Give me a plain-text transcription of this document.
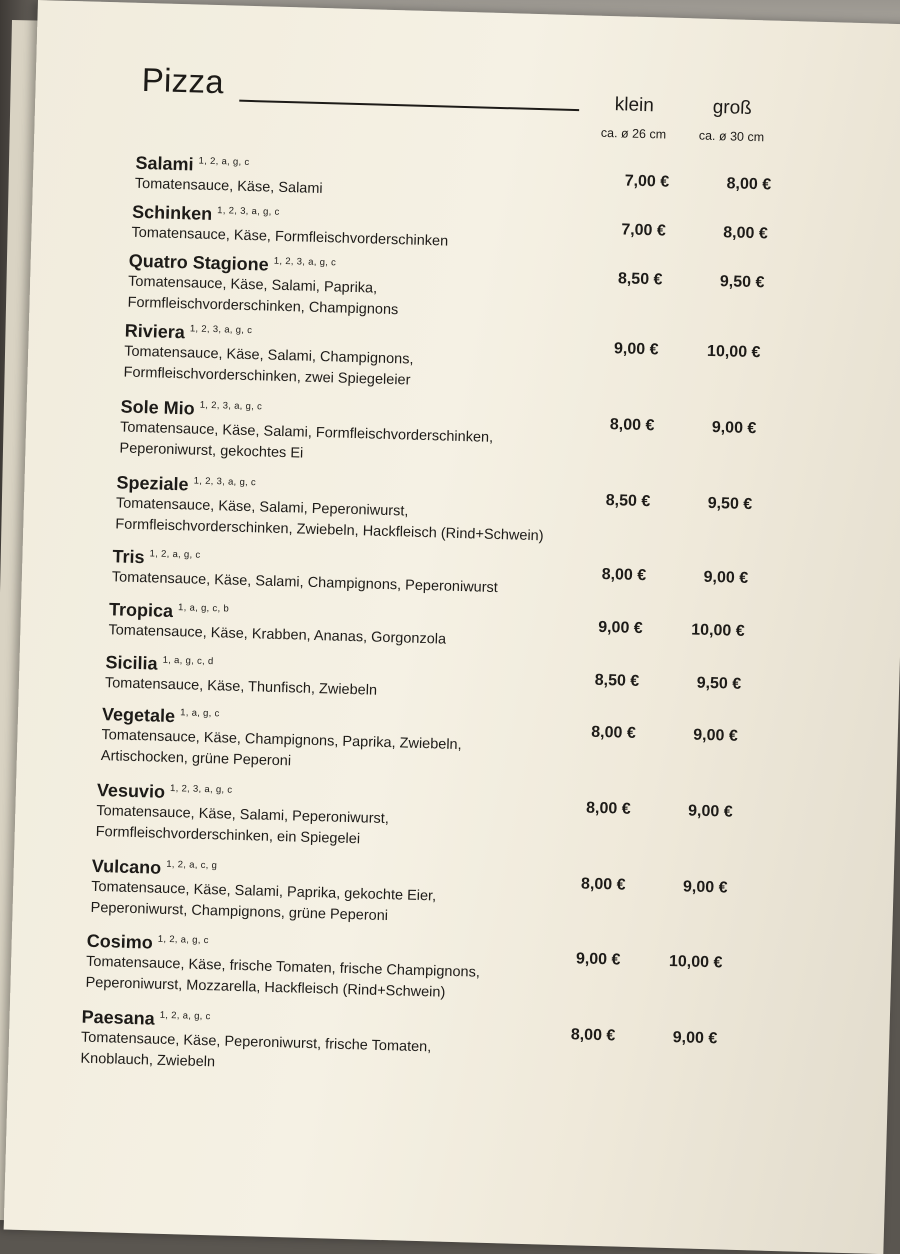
Pizza
klein
ca. ø 26 cm
groß
ca. ø 30 cm
Salami $^{1, 2, a, g, c}$
Tomatensauce, Käse, Salami	7,00 €	8,00 €
Schinken $^{1, 2, 3, a, g, c}$
Tomatensauce, Käse, Formfleischvorderschinken	7,00 €	8,00 €
Quatro Stagione $^{1, 2, 3, a, g, c}$
Tomatensauce, Käse, Salami, Paprika,
Formfleischvorderschinken, Champignons
8,50 €	9,50 €
Riviera $^{1, 2, 3, a, g, c}$
Tomatensauce, Käse, Salami, Champignons,
Formfleischvorderschinken, zwei Spiegeleier
9,00 €	10,00 €
Sole Mio $^{1, 2, 3, a, g, c}$
Tomatensauce, Käse, Salami, Formfleischvorderschinken,
Peperoniwurst, gekochtes Ei
8,00 €	9,00 €
Speziale $^{1, 2, 3, a, g, c}$
Tomatensauce, Käse, Salami, Peperoniwurst,
Formfleischvorderschinken, Zwiebeln, Hackfleisch (Rind+Schwein)
8,50 €	9,50 €
Tris $^{1, 2, a, g, c}$
Tomatensauce, Käse, Salami, Champignons, Peperoniwurst	8,00 €	9,00 €
Tropica $^{1, a, g, c, b}$
Tomatensauce, Käse, Krabben, Ananas, Gorgonzola	9,00 €	10,00 €
Sicilia $^{1, a, g, c, d}$
Tomatensauce, Käse, Thunfisch, Zwiebeln	8,50 €	9,50 €
Vegetale $^{1, a, g, c}$
Tomatensauce, Käse, Champignons, Paprika, Zwiebeln,
Artischocken, grüne Peperoni
8,00 €	9,00 €
Vesuvio $^{1, 2, 3, a, g, c}$
Tomatensauce, Käse, Salami, Peperoniwurst,
Formfleischvorderschinken, ein Spiegelei
8,00 €	9,00 €
Vulcano $^{1, 2, a, c, g}$
Tomatensauce, Käse, Salami, Paprika, gekochte Eier,
Peperoniwurst, Champignons, grüne Peperoni
8,00 €	9,00 €
Cosimo $^{1, 2, a, g, c}$
Tomatensauce, Käse, frische Tomaten, frische Champignons,
Peperoniwurst, Mozzarella, Hackfleisch (Rind+Schwein)
9,00 €	10,00 €
Paesana $^{1, 2, a, g, c}$
Tomatensauce, Käse, Peperoniwurst, frische Tomaten,
Knoblauch, Zwiebeln
8,00 €	9,00 €
